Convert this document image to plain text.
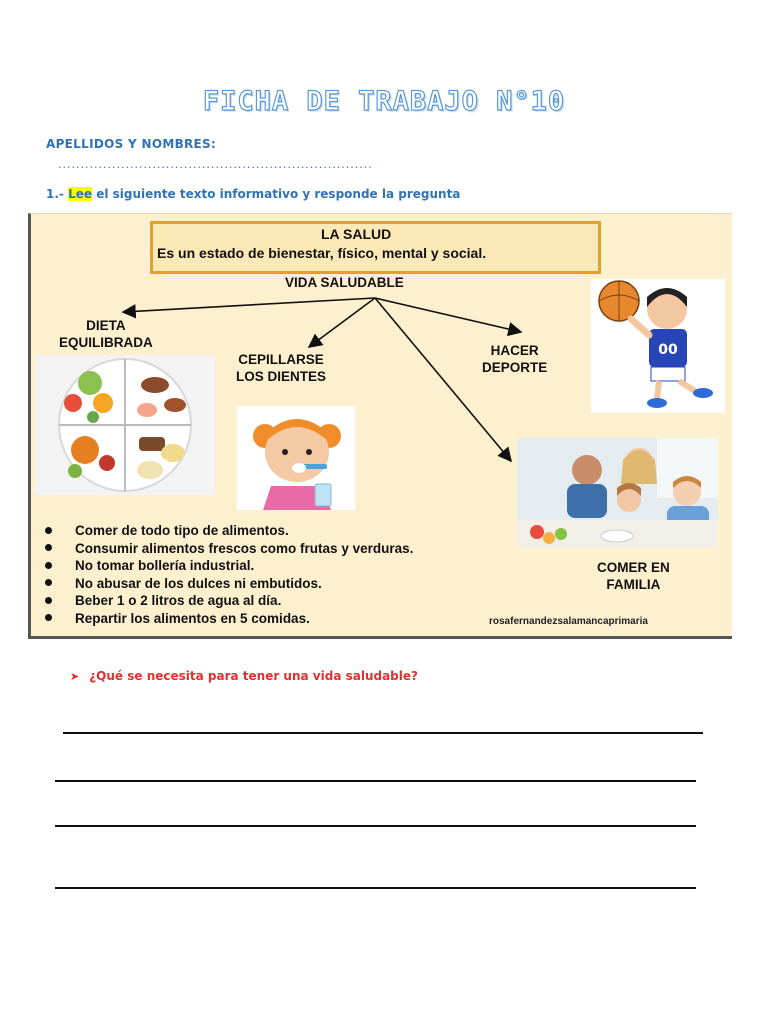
FICHA DE TRABAJO N°10
APELLIDOS Y NOMBRES:
......................................................................
1.- Lee el siguiente texto informativo y responde la pregunta
LA SALUD
Es un estado de bienestar, físico, mental y social.
VIDA SALUDABLE
DIETA
EQUILIBRADA
CEPILLARSE
LOS DIENTES
HACER
DEPORTE
COMER EN
FAMILIA
00
Comer de todo tipo de alimentos.
Consumir alimentos frescos como frutas y verduras.
No tomar bollería industrial.
No abusar de los dulces ni embutidos.
Beber 1 o 2 litros de agua al día.
Repartir los alimentos en 5 comidas.	rosafernandezsalamancaprimaria
➤ ¿Qué se necesita para tener una vida saludable?
